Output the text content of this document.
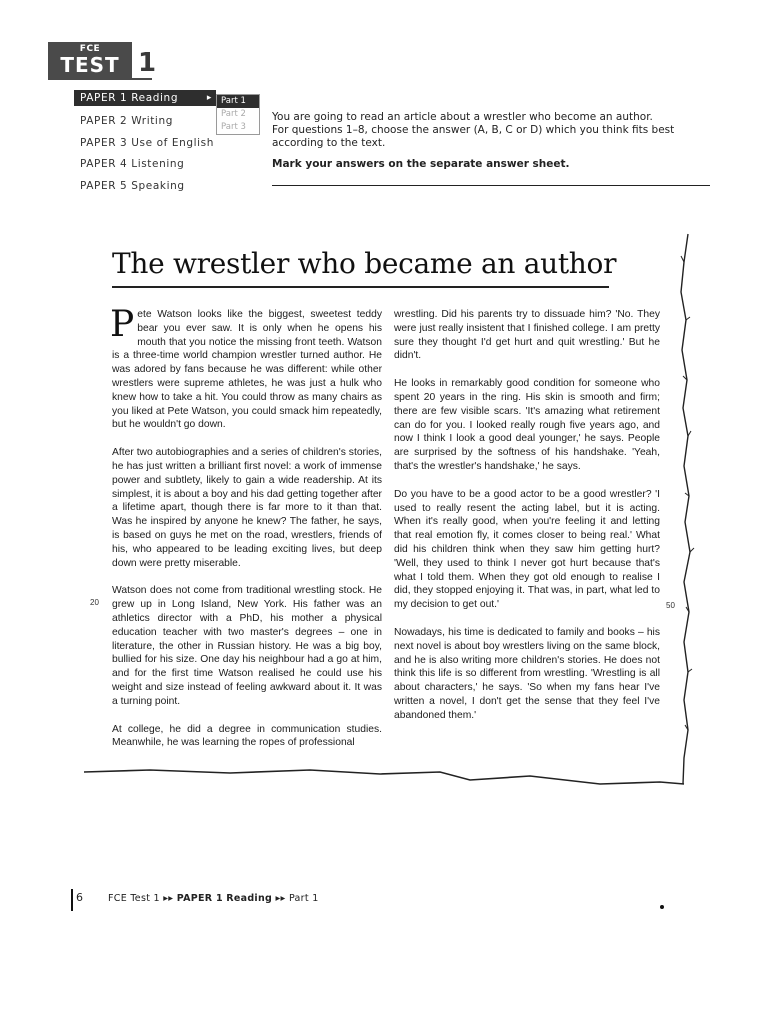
FCE
TEST 1
PAPER 1 Reading	▸
PAPER 2 Writing
PAPER 3 Use of English
PAPER 4 Listening
PAPER 5 Speaking
Part 1
Part 2
Part 3

You are going to read an article about a wrestler who become an author.

For questions 1–8, choose the answer (A, B, C or D) which you think fits best according to the text.

Mark your answers on the separate answer sheet.

The wrestler who became an author

Pete Watson looks like the biggest, sweetest teddy bear you ever saw. It is only when he opens his mouth that you notice the missing front teeth. Watson is a three-time world champion wrestler turned author. He was adored by fans because he was different: while other wrestlers were supreme athletes, he was just a hulk who knew how to take a hit. You could throw as many chairs as you liked at Pete Watson, you could smack him repeatedly, but he wouldn't go down.

After two autobiographies and a series of children's stories, he has just written a brilliant first novel: a work of immense power and subtlety, likely to gain a wide readership. At its simplest, it is about a boy and his dad getting together after a lifetime apart, though there is far more to it than that. Was he inspired by anyone he knew? The father, he says, is based on guys he met on the road, wrestlers, friends of his, who appeared to be leading exciting lives, but deep down were pretty miserable.

Watson does not come from traditional wrestling stock. He grew up in Long Island, New York. His father was an athletics director with a PhD, his mother a physical education teacher with two master's degrees – one in literature, the other in Russian history. He was a big boy, bullied for his size. One day his neighbour had a go at him, and for the first time Watson realised he could use his weight and size instead of feeling awkward about it. It was a turning point.

At college, he did a degree in communication studies. Meanwhile, he was learning the ropes of professional

wrestling. Did his parents try to dissuade him? 'No. They were just really insistent that I finished college. I am pretty sure they thought I'd get hurt and quit wrestling.' But he didn't.

He looks in remarkably good condition for someone who spent 20 years in the ring. His skin is smooth and firm; there are few visible scars. 'It's amazing what retirement can do for you. I looked really rough five years ago, and now I think I look a good deal younger,' he says. People are surprised by the softness of his handshake. 'Yeah, that's the wrestler's handshake,' he says.

Do you have to be a good actor to be a good wrestler? 'I used to really resent the acting label, but it is acting. When it's really good, when you're feeling it and letting that real emotion fly, it comes closer to being real.' What did his children think when they saw him getting hurt? 'Well, they used to think I never got hurt because that's what I told them. When they got old enough to realise I did, they stopped enjoying it. That was, in part, what led to my decision to get out.'

Nowadays, his time is dedicated to family and books – his next novel is about boy wrestlers living on the same block, and he is also writing more children's stories. He does not think this life is so different from wrestling. 'Wrestling is all about characters,' he says. 'So when my fans hear I've written a novel, I don't get the sense that they feel I've abandoned them.'

20	50
6	FCE Test 1 ▸▸ PAPER 1 Reading ▸▸ Part 1
